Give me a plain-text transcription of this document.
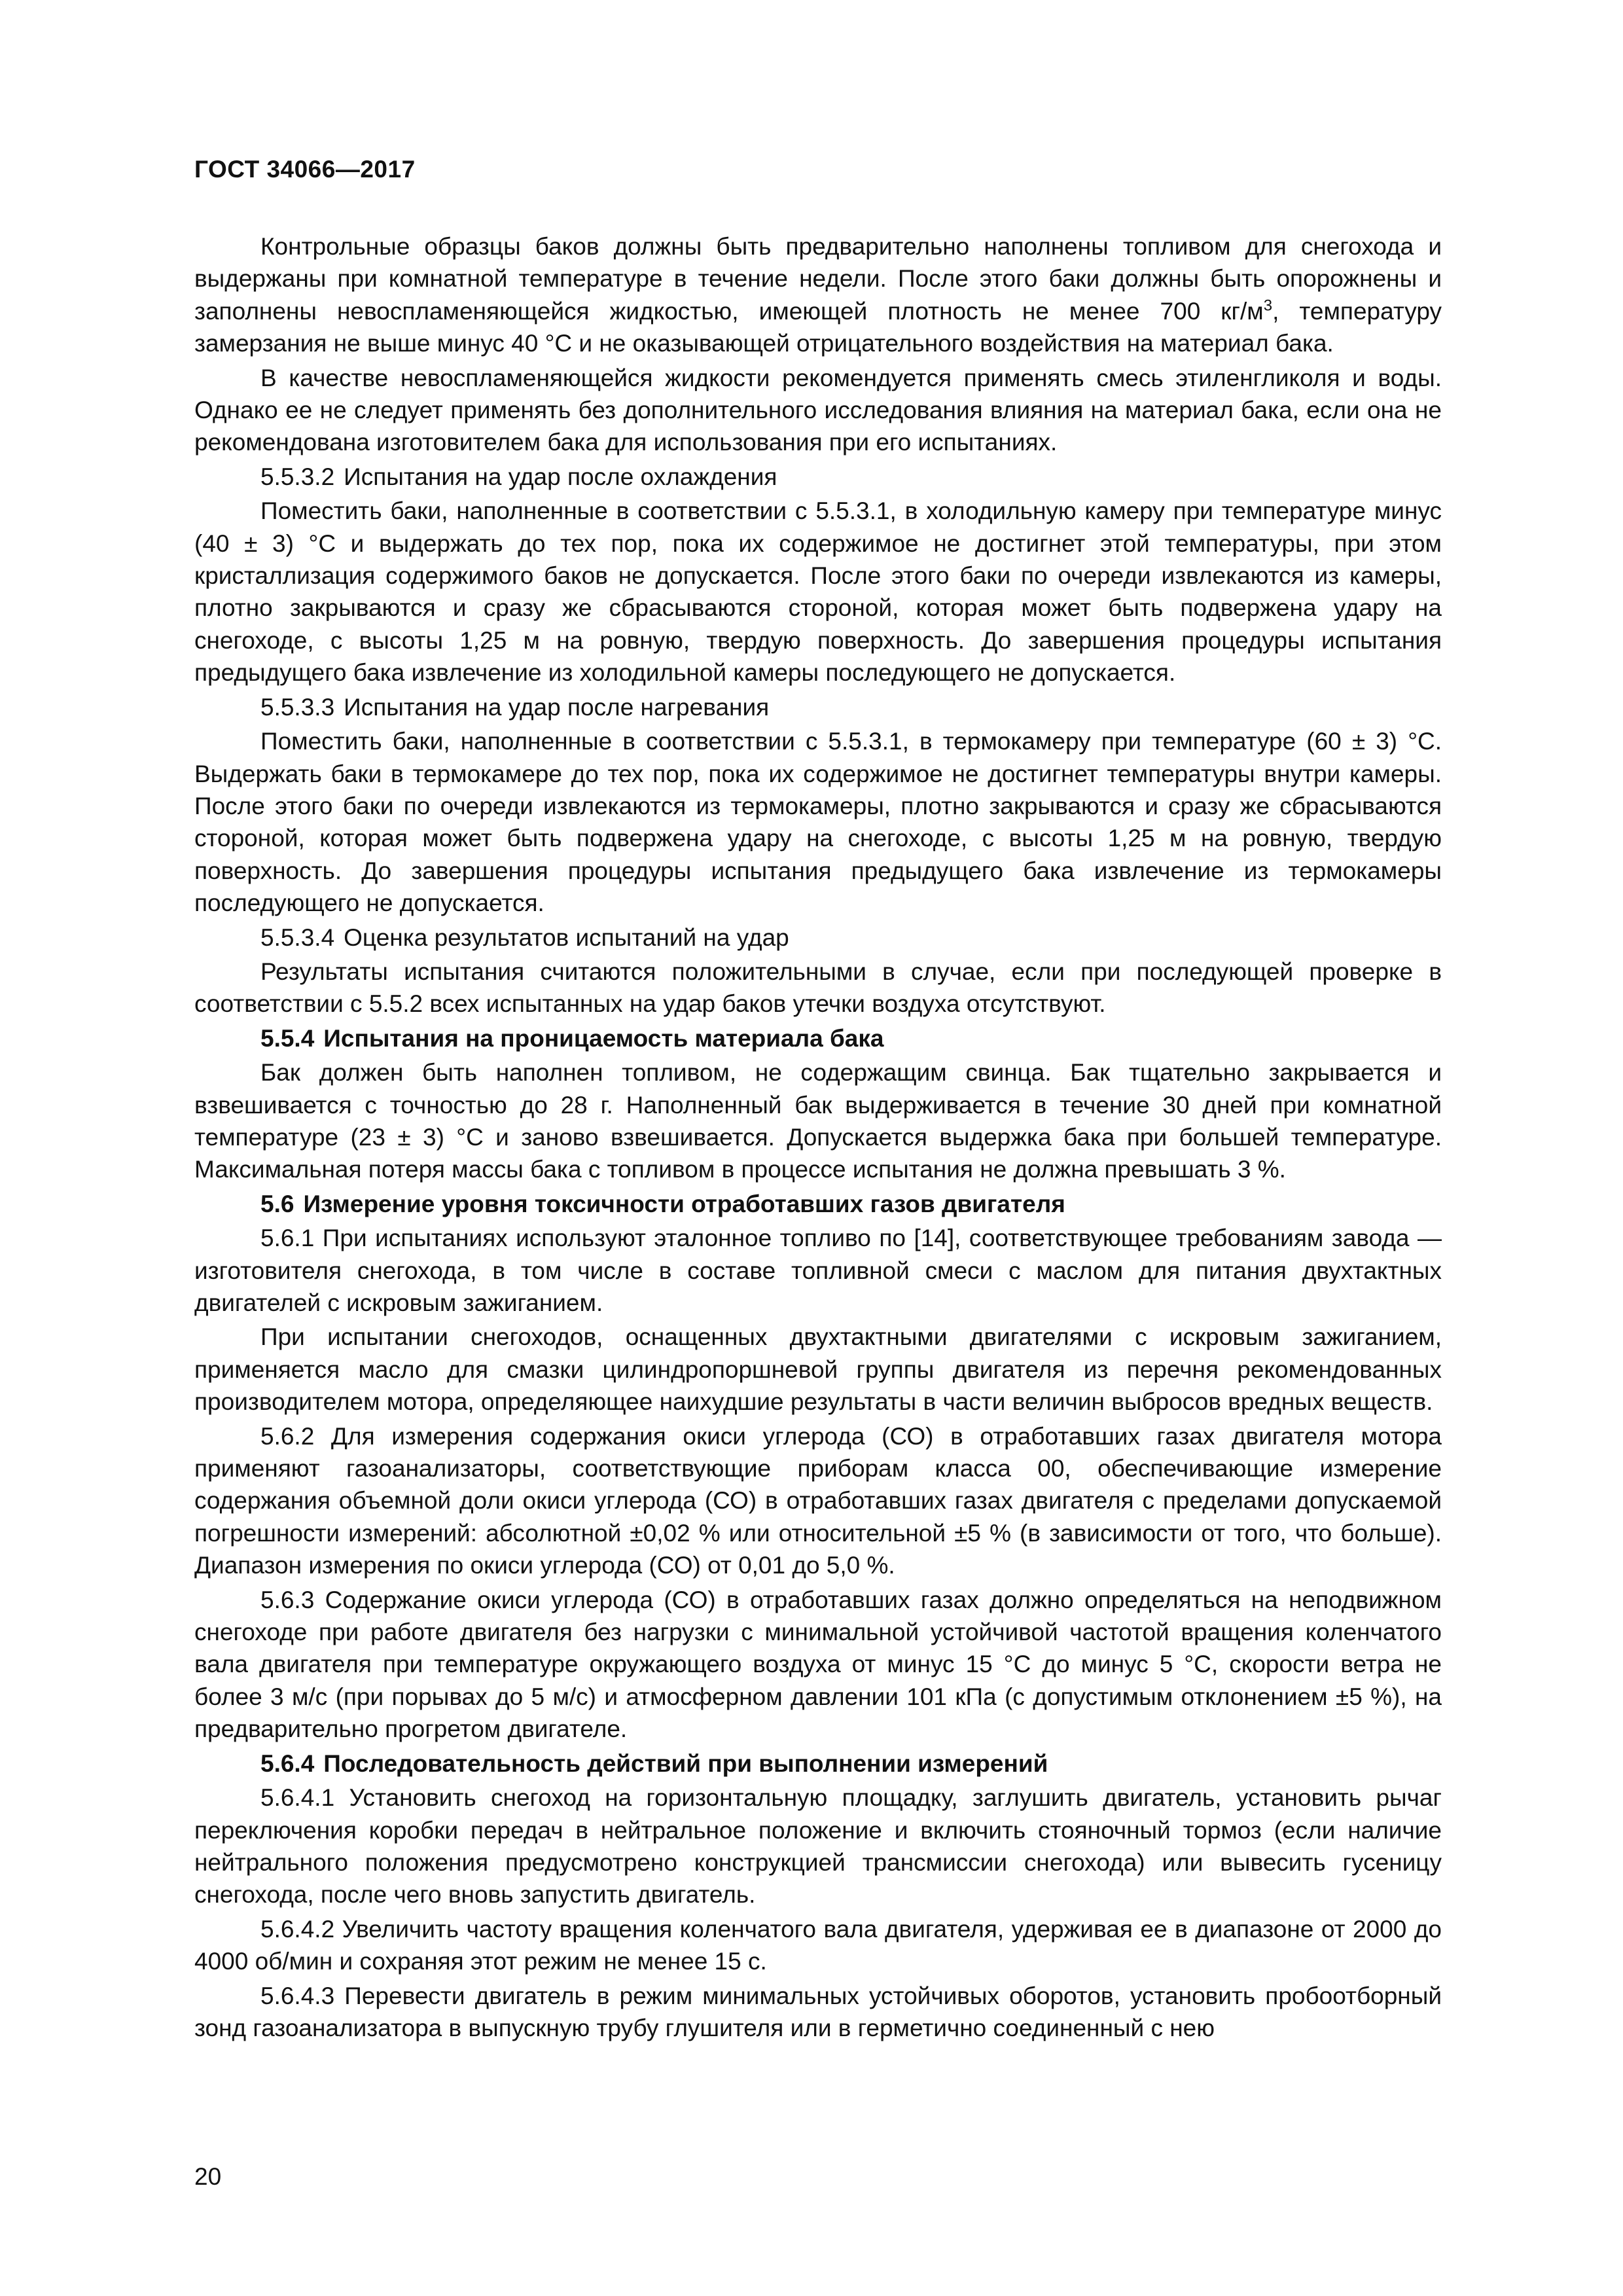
ГОСТ 34066—2017

Контрольные образцы баков должны быть предварительно наполнены топливом для снегохода и выдержаны при комнатной температуре в течение недели. После этого баки должны быть опорожнены и заполнены невоспламеняющейся жидкостью, имеющей плотность не менее 700 $кг/м^3$, температуру замерзания не выше минус 40 °С и не оказывающей отрицательного воздействия на материал бака.

В качестве невоспламеняющейся жидкости рекомендуется применять смесь этиленгликоля и воды. Однако ее не следует применять без дополнительного исследования влияния на материал бака, если она не рекомендована изготовителем бака для использования при его испытаниях.

5.5.3.2 Испытания на удар после охлаждения

Поместить баки, наполненные в соответствии с 5.5.3.1, в холодильную камеру при температуре минус (40 ± 3) °С и выдержать до тех пор, пока их содержимое не достигнет этой температуры, при этом кристаллизация содержимого баков не допускается. После этого баки по очереди извлекаются из камеры, плотно закрываются и сразу же сбрасываются стороной, которая может быть подвержена удару на снегоходе, с высоты 1,25 м на ровную, твердую поверхность. До завершения процедуры испытания предыдущего бака извлечение из холодильной камеры последующего не допускается.

5.5.3.3 Испытания на удар после нагревания

Поместить баки, наполненные в соответствии с 5.5.3.1, в термокамеру при температуре (60 ± 3) °С. Выдержать баки в термокамере до тех пор, пока их содержимое не достигнет температуры внутри камеры. После этого баки по очереди извлекаются из термокамеры, плотно закрываются и сразу же сбрасываются стороной, которая может быть подвержена удару на снегоходе, с высоты 1,25 м на ровную, твердую поверхность. До завершения процедуры испытания предыдущего бака извлечение из термокамеры последующего не допускается.

5.5.3.4 Оценка результатов испытаний на удар

Результаты испытания считаются положительными в случае, если при последующей проверке в соответствии с 5.5.2 всех испытанных на удар баков утечки воздуха отсутствуют.

5.5.4 Испытания на проницаемость материала бака

Бак должен быть наполнен топливом, не содержащим свинца. Бак тщательно закрывается и взвешивается с точностью до 28 г. Наполненный бак выдерживается в течение 30 дней при комнатной температуре (23 ± 3) °С и заново взвешивается. Допускается выдержка бака при большей температуре. Максимальная потеря массы бака с топливом в процессе испытания не должна превышать 3 %.

5.6 Измерение уровня токсичности отработавших газов двигателя

5.6.1 При испытаниях используют эталонное топливо по [14], соответствующее требованиям завода — изготовителя снегохода, в том числе в составе топливной смеси с маслом для питания двухтактных двигателей с искровым зажиганием.

При испытании снегоходов, оснащенных двухтактными двигателями с искровым зажиганием, применяется масло для смазки цилиндропоршневой группы двигателя из перечня рекомендованных производителем мотора, определяющее наихудшие результаты в части величин выбросов вредных веществ.

5.6.2 Для измерения содержания окиси углерода (СО) в отработавших газах двигателя мотора применяют газоанализаторы, соответствующие приборам класса 00, обеспечивающие измерение содержания объемной доли окиси углерода (СО) в отработавших газах двигателя с пределами допускаемой погрешности измерений: абсолютной ±0,02 % или относительной ±5 % (в зависимости от того, что больше). Диапазон измерения по окиси углерода (СО) от 0,01 до 5,0 %.

5.6.3 Содержание окиси углерода (СО) в отработавших газах должно определяться на неподвижном снегоходе при работе двигателя без нагрузки с минимальной устойчивой частотой вращения коленчатого вала двигателя при температуре окружающего воздуха от минус 15 °С до минус 5 °С, скорости ветра не более 3 м/с (при порывах до 5 м/с) и атмосферном давлении 101 кПа (с допустимым отклонением ±5 %), на предварительно прогретом двигателе.

5.6.4 Последовательность действий при выполнении измерений

5.6.4.1 Установить снегоход на горизонтальную площадку, заглушить двигатель, установить рычаг переключения коробки передач в нейтральное положение и включить стояночный тормоз (если наличие нейтрального положения предусмотрено конструкцией трансмиссии снегохода) или вывесить гусеницу снегохода, после чего вновь запустить двигатель.

5.6.4.2 Увеличить частоту вращения коленчатого вала двигателя, удерживая ее в диапазоне от 2000 до 4000 об/мин и сохраняя этот режим не менее 15 с.

5.6.4.3 Перевести двигатель в режим минимальных устойчивых оборотов, установить пробоотборный зонд газоанализатора в выпускную трубу глушителя или в герметично соединенный с нею

20
